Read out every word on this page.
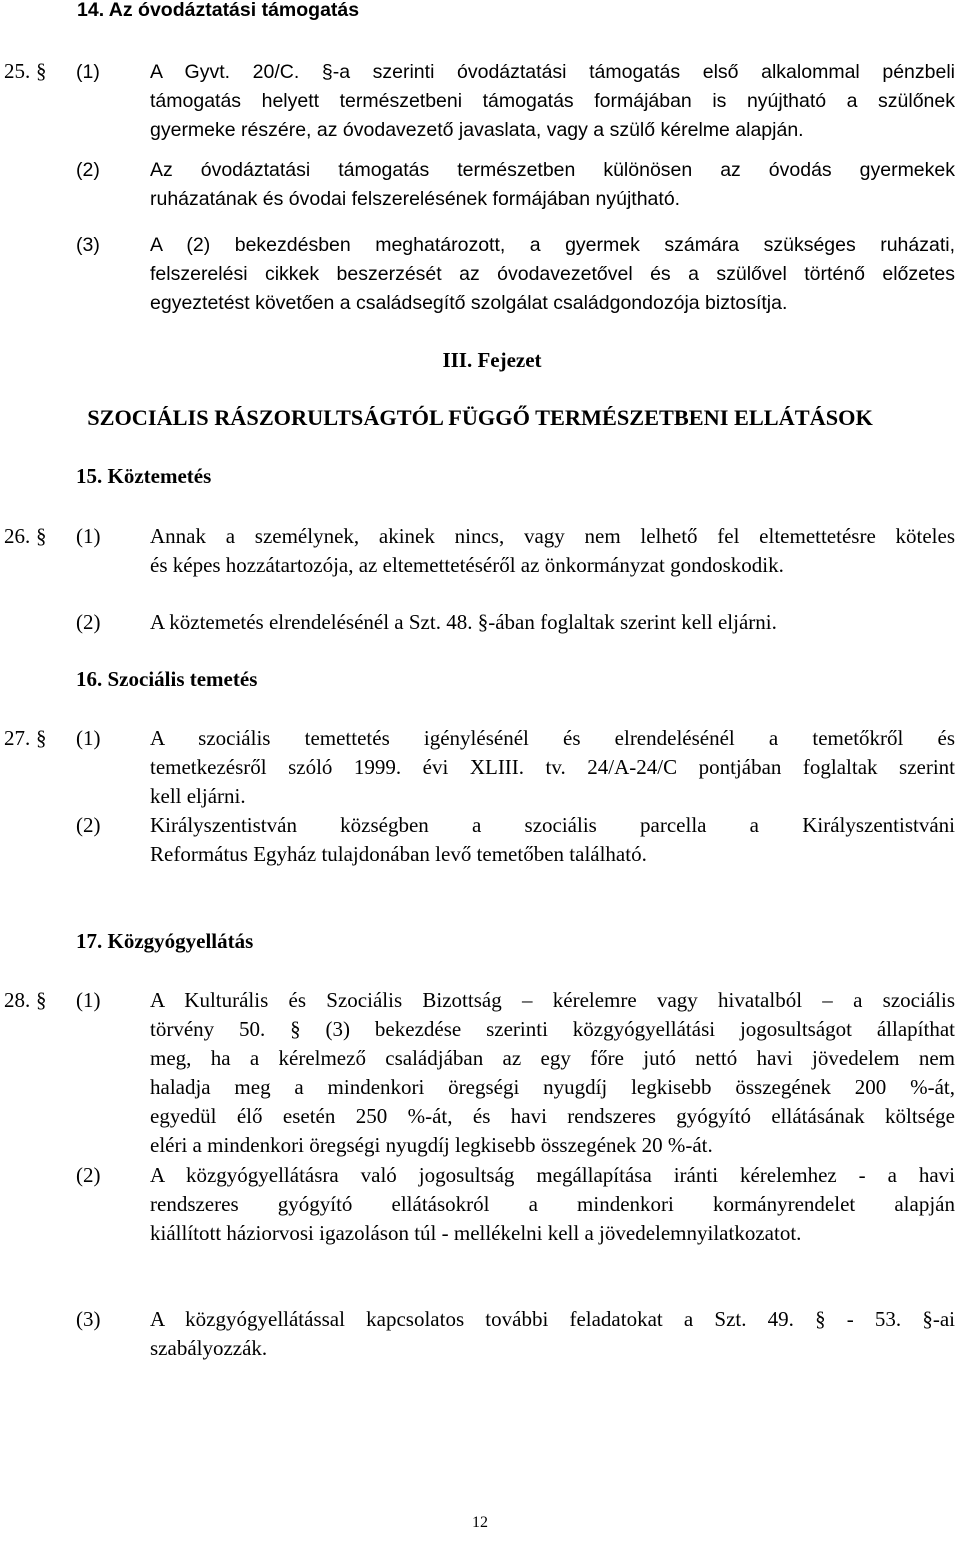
14. Az óvodáztatási támogatás
25. § (1)	A Gyvt. 20/C. §-a szerinti óvodáztatási támogatás első alkalommal pénzbeli
támogatás helyett természetbeni támogatás formájában is nyújtható a szülőnek
gyermeke részére, az óvodavezető javaslata, vagy a szülő kérelme alapján.
(2)	Az óvodáztatási támogatás természetben különösen az óvodás gyermekek
ruházatának és óvodai felszerelésének formájában nyújtható.
(3)	A (2) bekezdésben meghatározott, a gyermek számára szükséges ruházati,
felszerelési cikkek beszerzését az óvodavezetővel és a szülővel történő előzetes
egyeztetést követően a családsegítő szolgálat családgondozója biztosítja.
III. Fejezet
SZOCIÁLIS RÁSZORULTSÁGTÓL FÜGGŐ TERMÉSZETBENI ELLÁTÁSOK
15. Köztemetés
26. § (1) Annak a személynek, akinek nincs, vagy nem lelhető fel eltemettetésre köteles
és képes hozzátartozója, az eltemettetéséről az önkormányzat gondoskodik.
(2) A köztemetés elrendelésénél a Szt. 48. §-ában foglaltak szerint kell eljárni.
16. Szociális temetés
27. § (1) A szociális temettetés igénylésénél és elrendelésénél a temetőkről és
temetkezésről szóló 1999. évi XLIII. tv. 24/A-24/C pontjában foglaltak szerint
kell eljárni.
(2) Királyszentistván községben a szociális parcella a Királyszentistváni
Református Egyház tulajdonában levő temetőben található.
17. Közgyógyellátás
28. § (1) A Kulturális és Szociális Bizottság – kérelemre vagy hivatalból – a szociális
törvény 50. § (3) bekezdése szerinti közgyógyellátási jogosultságot állapíthat
meg, ha a kérelmező családjában az egy főre jutó nettó havi jövedelem nem
haladja meg a mindenkori öregségi nyugdíj legkisebb összegének 200 %-át,
egyedül élő esetén 250 %-át, és havi rendszeres gyógyító ellátásának költsége
eléri a mindenkori öregségi nyugdíj legkisebb összegének 20 %-át.
(2) A közgyógyellátásra való jogosultság megállapítása iránti kérelemhez - a havi
rendszeres gyógyító ellátásokról a mindenkori kormányrendelet alapján
kiállított háziorvosi igazoláson túl - mellékelni kell a jövedelemnyilatkozatot.
(3) A közgyógyellátással kapcsolatos további feladatokat a Szt. 49. § - 53. §-ai
szabályozzák.
12
